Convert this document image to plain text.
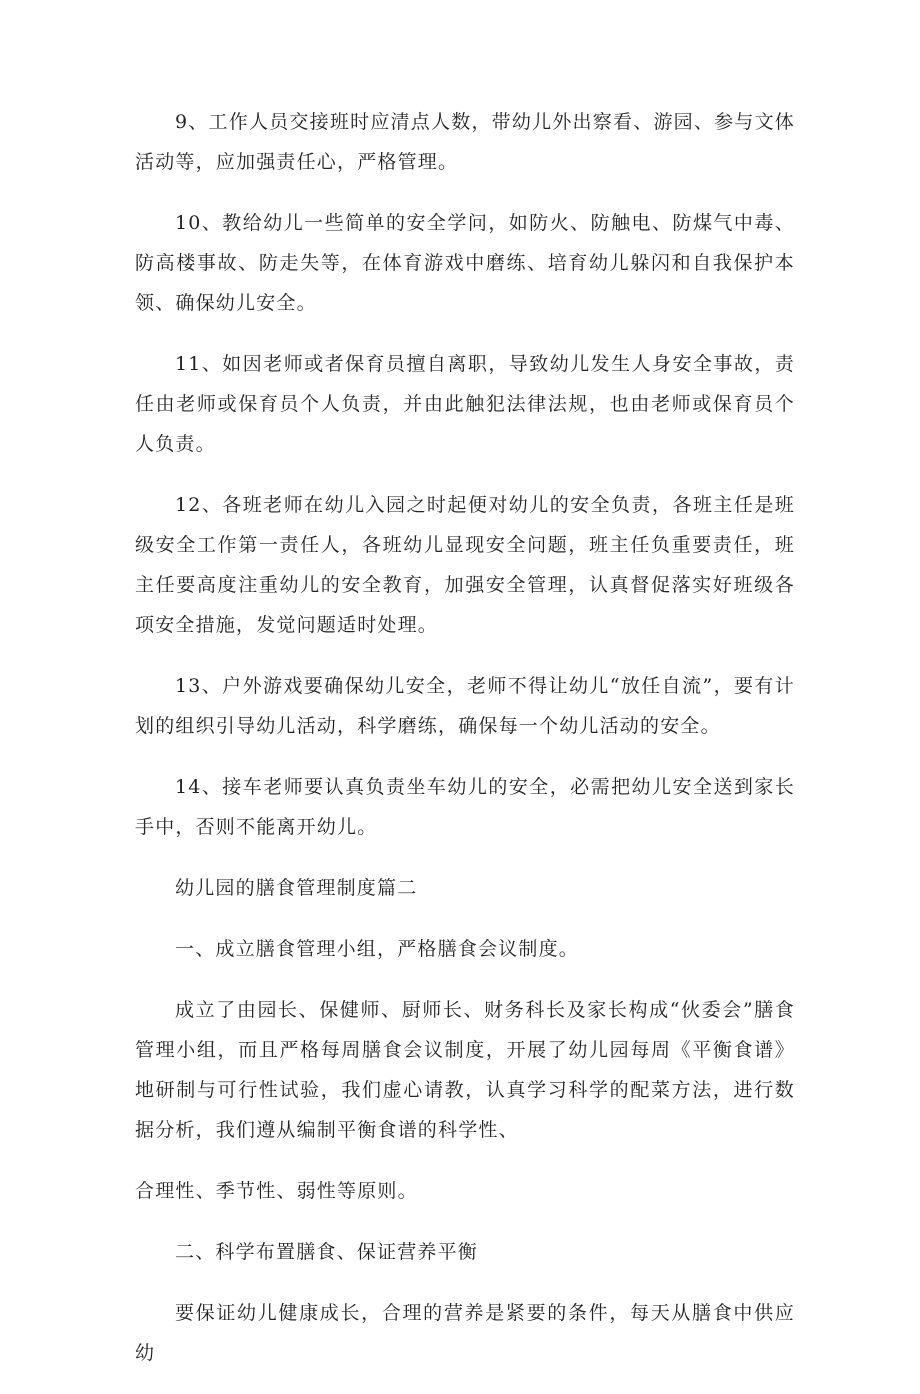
9、工作人员交接班时应清点人数，带幼儿外出察看、游园、参与文体活动等，应加强责任心，严格管理。

10、教给幼儿一些简单的安全学问，如防火、防触电、防煤气中毒、防高楼事故、防走失等，在体育游戏中磨练、培育幼儿躲闪和自我保护本领、确保幼儿安全。

11、如因老师或者保育员擅自离职，导致幼儿发生人身安全事故，责任由老师或保育员个人负责，并由此触犯法律法规，也由老师或保育员个人负责。

12、各班老师在幼儿入园之时起便对幼儿的安全负责，各班主任是班级安全工作第一责任人，各班幼儿显现安全问题，班主任负重要责任，班主任要高度注重幼儿的安全教育，加强安全管理，认真督促落实好班级各项安全措施，发觉问题适时处理。

13、户外游戏要确保幼儿安全，老师不得让幼儿“放任自流”，要有计划的组织引导幼儿活动，科学磨练，确保每一个幼儿活动的安全。

14、接车老师要认真负责坐车幼儿的安全，必需把幼儿安全送到家长手中，否则不能离开幼儿。

幼儿园的膳食管理制度篇二

一、成立膳食管理小组，严格膳食会议制度。

成立了由园长、保健师、厨师长、财务科长及家长构成“伙委会”膳食管理小组，而且严格每周膳食会议制度，开展了幼儿园每周《平衡食谱》地研制与可行性试验，我们虚心请教，认真学习科学的配菜方法，进行数据分析，我们遵从编制平衡食谱的科学性、

合理性、季节性、弱性等原则。

二、科学布置膳食、保证营养平衡

要保证幼儿健康成长，合理的营养是紧要的条件，每天从膳食中供应幼
